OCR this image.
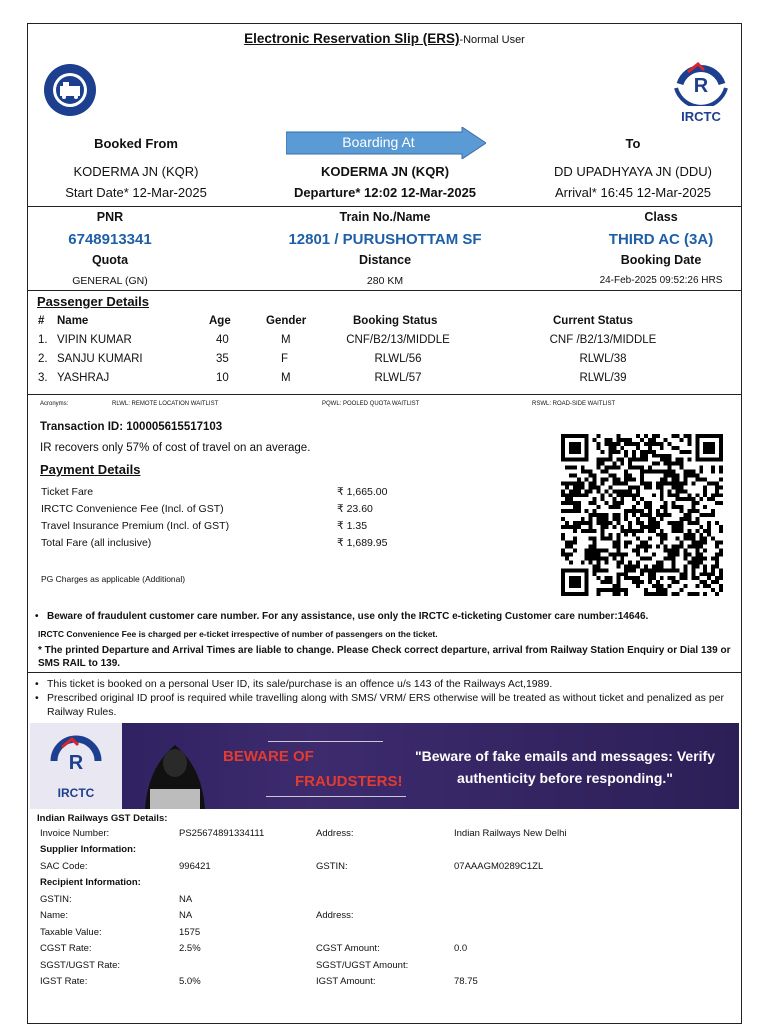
Electronic Reservation Slip (ERS)-Normal User
R
IRCTC
Booked From	Boarding At	To
KODERMA JN (KQR)	KODERMA JN (KQR)	DD UPADHYAYA JN (DDU)
Start Date* 12-Mar-2025	Departure* 12:02 12-Mar-2025	Arrival* 16:45 12-Mar-2025
PNR	Train No./Name	Class
6748913341	12801 / PURUSHOTTAM SF	THIRD AC (3A)
Quota	Distance	Booking Date
GENERAL (GN)	280 KM	24-Feb-2025 09:52:26 HRS
Passenger Details
# Name	Age	Gender	Booking Status	Current Status
1. VIPIN KUMAR	40	M	CNF/B2/13/MIDDLE	CNF /B2/13/MIDDLE
2. SANJU KUMARI	35	F	RLWL/56	RLWL/38
3. YASHRAJ	10	M	RLWL/57	RLWL/39
Acronyms:	RLWL: REMOTE LOCATION WAITLIST	PQWL: POOLED QUOTA WAITLIST	RSWL: ROAD-SIDE WAITLIST
Transaction ID: 100005615517103
IR recovers only 57% of cost of travel on an average.
Payment Details
Ticket Fare	₹ 1,665.00
IRCTC Convenience Fee (Incl. of GST)	₹ 23.60
Travel Insurance Premium (Incl. of GST)	₹ 1.35
Total Fare (all inclusive)	₹ 1,689.95
PG Charges as applicable (Additional)
• Beware of fraudulent customer care number. For any assistance, use only the IRCTC e-ticketing Customer care number:14646.
IRCTC Convenience Fee is charged per e-ticket irrespective of number of passengers on the ticket.
* The printed Departure and Arrival Times are liable to change. Please Check correct departure, arrival from Railway Station Enquiry or Dial 139 or SMS RAIL to 139.
• This ticket is booked on a personal User ID, its sale/purchase is an offence u/s 143 of the Railways Act,1989.
• Prescribed original ID proof is required while travelling along with SMS/ VRM/ ERS otherwise will be treated as without ticket and penalized as per Railway Rules.
R
IRCTC
BEWARE OF
FRAUDSTERS!
"Beware of fake emails and messages: Verify authenticity before responding."
Indian Railways GST Details:
Invoice Number:	PS25674891334111	Address:	Indian Railways New Delhi
Supplier Information:			
SAC Code:	996421	GSTIN:	07AAAGM0289C1ZL
Recipient Information:			
GSTIN:	NA		
Name:	NA	Address:	
Taxable Value:	1575		
CGST Rate:	2.5%	CGST Amount:	0.0
SGST/UGST Rate:		SGST/UGST Amount:	
IGST Rate:	5.0%	IGST Amount:	78.75
